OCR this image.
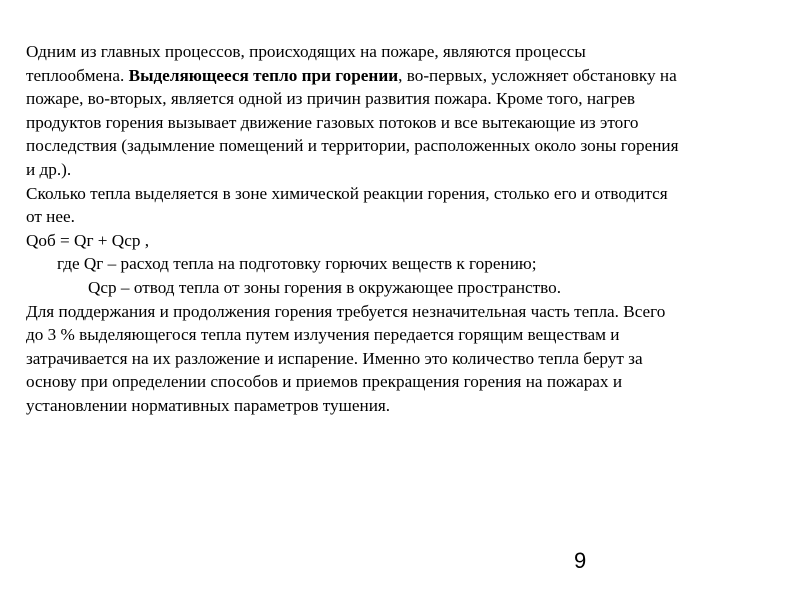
Одним из главных процессов, происходящих на пожаре, являются процессы
теплообмена. Выделяющееся тепло при горении, во-первых, усложняет обстановку на
пожаре, во-вторых, является одной из причин развития пожара. Кроме того, нагрев
продуктов горения вызывает движение газовых потоков и все вытекающие из этого
последствия (задымление помещений и территории, расположенных около зоны горения
и др.).
Сколько тепла выделяется в зоне химической реакции горения, столько его и отводится
от нее.
Qоб = Qг + Qср ,
где Qг – расход тепла на подготовку горючих веществ к горению;
Qср – отвод тепла от зоны горения в окружающее пространство.
Для поддержания и продолжения горения требуется незначительная часть тепла. Всего
до 3 % выделяющегося тепла путем излучения передается горящим веществам и
затрачивается на их разложение и испарение. Именно это количество тепла берут за
основу при определении способов и приемов прекращения горения на пожарах и
установлении нормативных параметров тушения.
9
